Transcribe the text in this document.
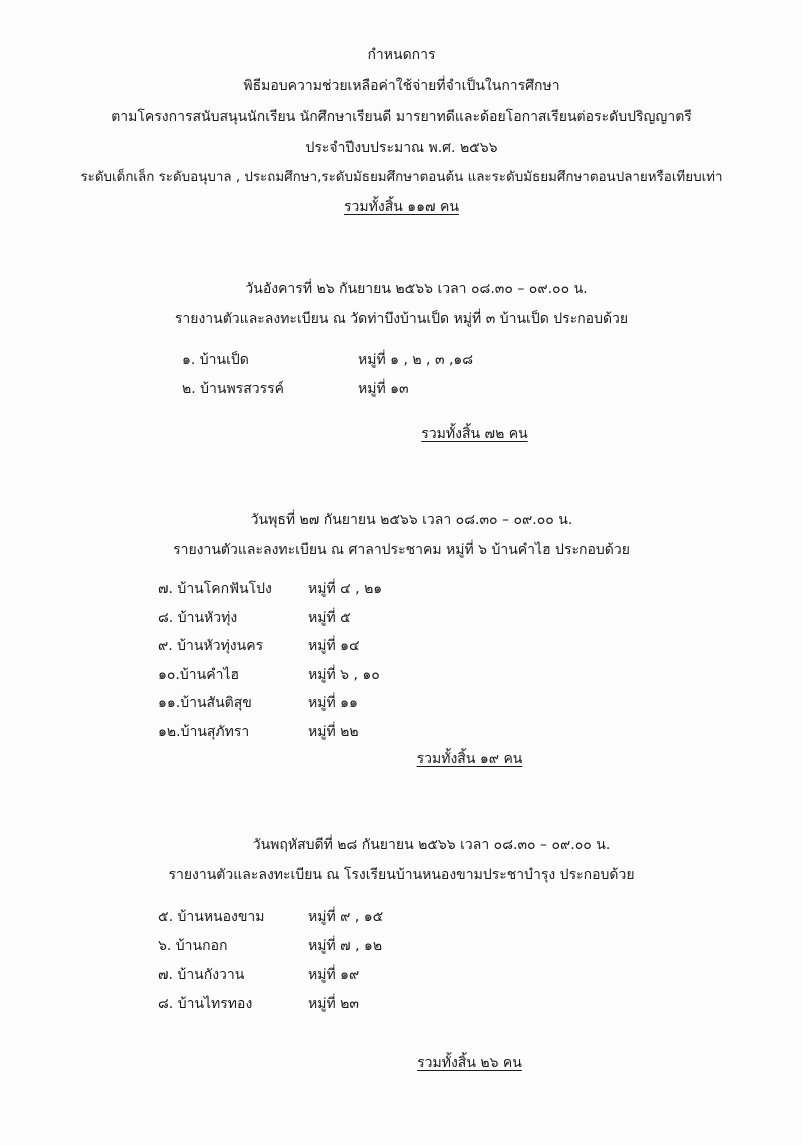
กำหนดการ
พิธีมอบความช่วยเหลือค่าใช้จ่ายที่จำเป็นในการศึกษา
ตามโครงการสนับสนุนนักเรียน นักศึกษาเรียนดี มารยาทดีและด้อยโอกาสเรียนต่อระดับปริญญาตรี
ประจำปีงบประมาณ พ.ศ. ๒๕๖๖
ระดับเด็กเล็ก ระดับอนุบาล , ประถมศึกษา,ระดับมัธยมศึกษาตอนต้น และระดับมัธยมศึกษาตอนปลายหรือเทียบเท่า
รวมทั้งสิ้น ๑๑๗ คน
วันอังคารที่ ๒๖ กันยายน ๒๕๖๖ เวลา ๐๘.๓๐ – ๐๙.๐๐ น.
รายงานตัวและลงทะเบียน ณ วัดท่าบึงบ้านเป็ด หมู่ที่ ๓ บ้านเป็ด ประกอบด้วย
๑. บ้านเป็ด	หมู่ที่ ๑ , ๒ , ๓ ,๑๘
๒. บ้านพรสวรรค์	หมู่ที่ ๑๓
รวมทั้งสิ้น ๗๒ คน
วันพุธที่ ๒๗ กันยายน ๒๕๖๖ เวลา ๐๘.๓๐ – ๐๙.๐๐ น.
รายงานตัวและลงทะเบียน ณ ศาลาประชาคม หมู่ที่ ๖ บ้านคำไฮ ประกอบด้วย
๗. บ้านโคกฟันโปง	หมู่ที่ ๔ , ๒๑
๘. บ้านหัวทุ่ง	หมู่ที่ ๕
๙. บ้านหัวทุ่งนคร	หมู่ที่ ๑๔
๑๐.บ้านคำไฮ	หมู่ที่ ๖ , ๑๐
๑๑.บ้านสันติสุข	หมู่ที่ ๑๑
๑๒.บ้านสุภัทรา	หมู่ที่ ๒๒
รวมทั้งสิ้น ๑๙ คน
วันพฤหัสบดีที่ ๒๘ กันยายน ๒๕๖๖ เวลา ๐๘.๓๐ – ๐๙.๐๐ น.
รายงานตัวและลงทะเบียน ณ โรงเรียนบ้านหนองขามประชาบำรุง ประกอบด้วย
๕. บ้านหนองขาม	หมู่ที่ ๙ , ๑๕
๖. บ้านกอก	หมู่ที่ ๗ , ๑๒
๗. บ้านกังวาน	หมู่ที่ ๑๙
๘. บ้านไทรทอง	หมู่ที่ ๒๓
รวมทั้งสิ้น ๒๖ คน
